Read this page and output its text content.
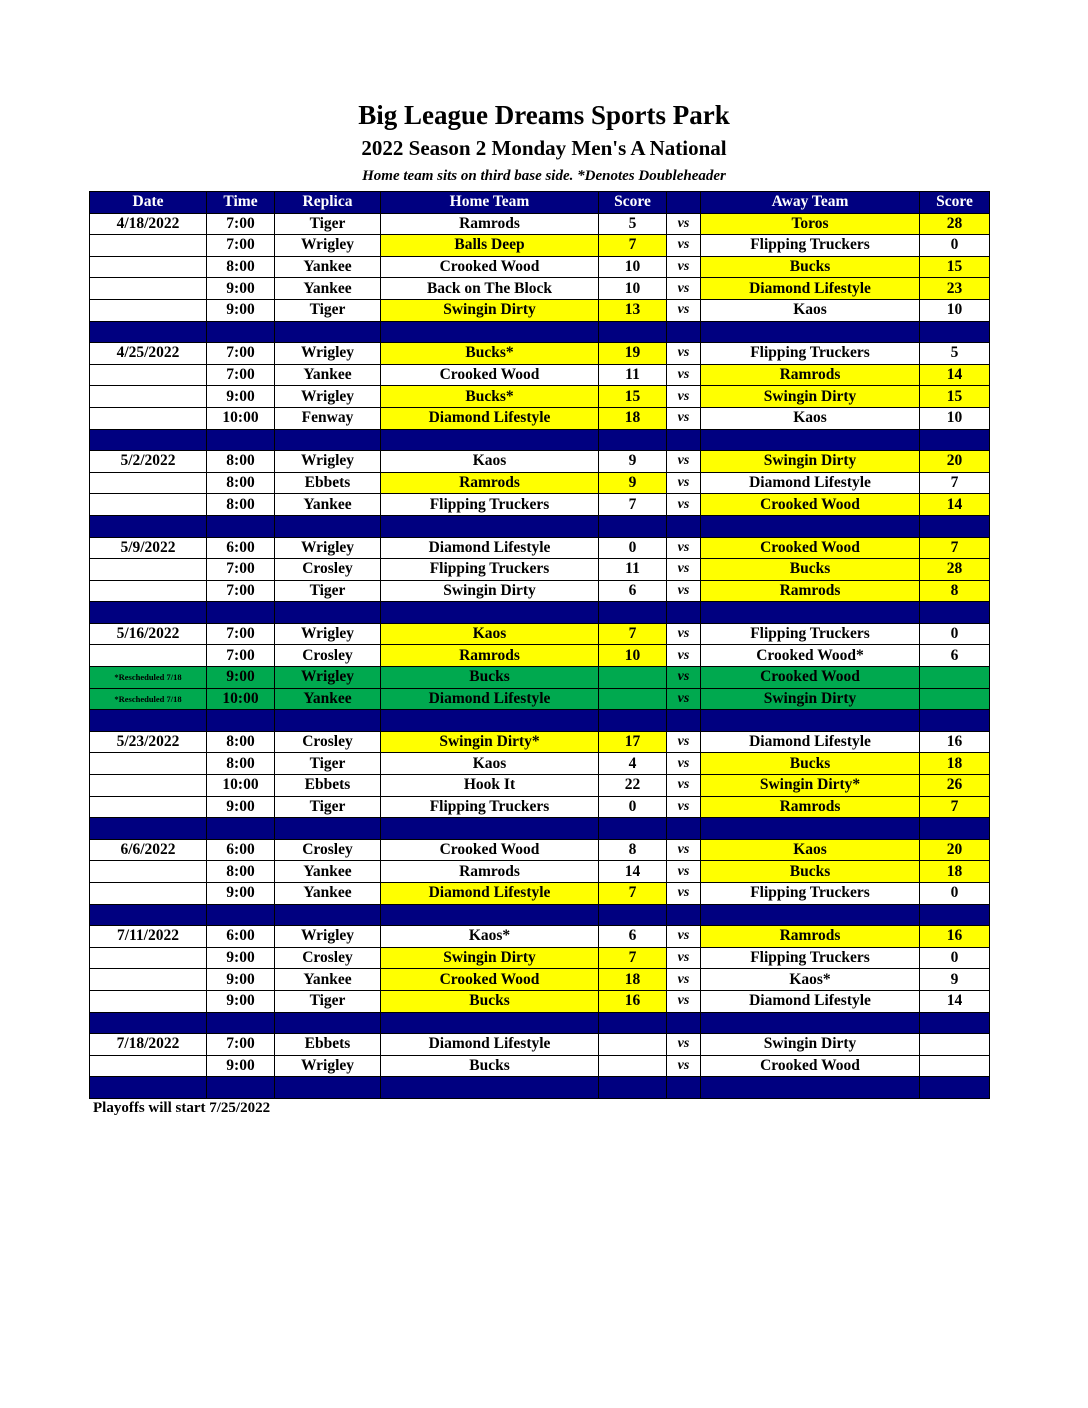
Big League Dreams Sports Park
2022 Season 2 Monday Men's A National
Home team sits on third base side. *Denotes Doubleheader
Date	Time	Replica	Home Team	Score		Away Team	Score
4/18/2022	7:00	Tiger	Ramrods	5	vs	Toros	28
	7:00	Wrigley	Balls Deep	7	vs	Flipping Truckers	0
	8:00	Yankee	Crooked Wood	10	vs	Bucks	15
	9:00	Yankee	Back on The Block	10	vs	Diamond Lifestyle	23
	9:00	Tiger	Swingin Dirty	13	vs	Kaos	10

4/25/2022	7:00	Wrigley	Bucks*	19	vs	Flipping Truckers	5
	7:00	Yankee	Crooked Wood	11	vs	Ramrods	14
	9:00	Wrigley	Bucks*	15	vs	Swingin Dirty	15
	10:00	Fenway	Diamond Lifestyle	18	vs	Kaos	10

5/2/2022	8:00	Wrigley	Kaos	9	vs	Swingin Dirty	20
	8:00	Ebbets	Ramrods	9	vs	Diamond Lifestyle	7
	8:00	Yankee	Flipping Truckers	7	vs	Crooked Wood	14

5/9/2022	6:00	Wrigley	Diamond Lifestyle	0	vs	Crooked Wood	7
	7:00	Crosley	Flipping Truckers	11	vs	Bucks	28
	7:00	Tiger	Swingin Dirty	6	vs	Ramrods	8

5/16/2022	7:00	Wrigley	Kaos	7	vs	Flipping Truckers	0
	7:00	Crosley	Ramrods	10	vs	Crooked Wood*	6
*Rescheduled 7/18	9:00	Wrigley	Bucks		vs	Crooked Wood	
*Rescheduled 7/18	10:00	Yankee	Diamond Lifestyle		vs	Swingin Dirty	

5/23/2022	8:00	Crosley	Swingin Dirty*	17	vs	Diamond Lifestyle	16
	8:00	Tiger	Kaos	4	vs	Bucks	18
	10:00	Ebbets	Hook It	22	vs	Swingin Dirty*	26
	9:00	Tiger	Flipping Truckers	0	vs	Ramrods	7

6/6/2022	6:00	Crosley	Crooked Wood	8	vs	Kaos	20
	8:00	Yankee	Ramrods	14	vs	Bucks	18
	9:00	Yankee	Diamond Lifestyle	7	vs	Flipping Truckers	0

7/11/2022	6:00	Wrigley	Kaos*	6	vs	Ramrods	16
	9:00	Crosley	Swingin Dirty	7	vs	Flipping Truckers	0
	9:00	Yankee	Crooked Wood	18	vs	Kaos*	9
	9:00	Tiger	Bucks	16	vs	Diamond Lifestyle	14

7/18/2022	7:00	Ebbets	Diamond Lifestyle		vs	Swingin Dirty	
	9:00	Wrigley	Bucks		vs	Crooked Wood	

Playoffs will start 7/25/2022
